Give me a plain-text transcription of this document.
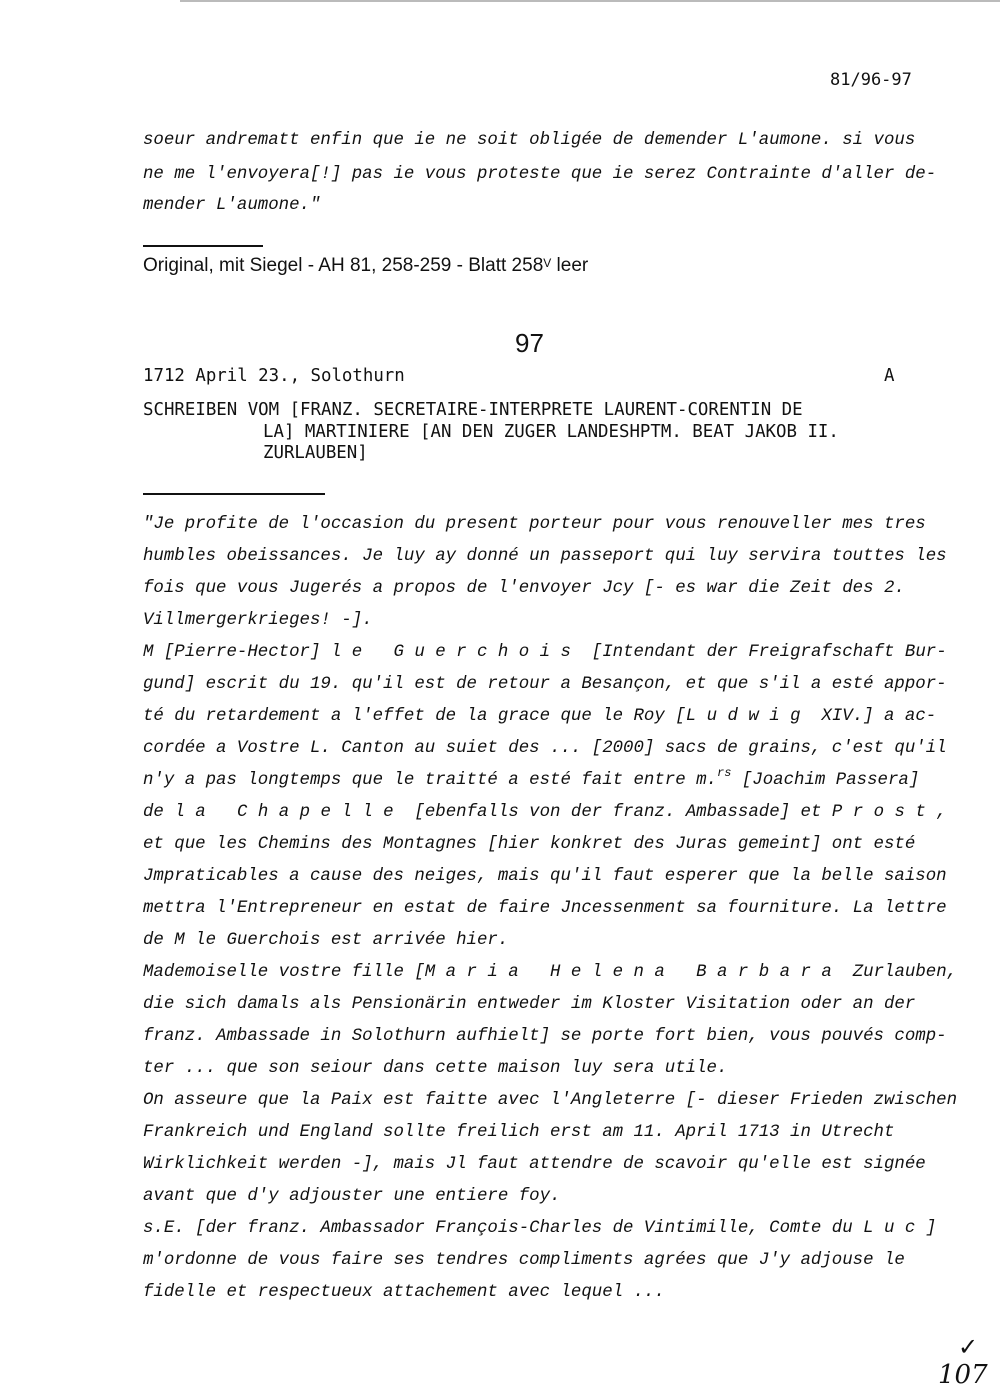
81/96-97

soeur andrematt enfin que ie ne soit obligée de demender L'aumone. si vous

ne me l'envoyera[!] pas ie vous proteste que ie serez Contrainte d'aller de-

mender L'aumone."

Original, mit Siegel - AH 81, 258-259 - Blatt $258^V$ leer

97
1712 April 23., Solothurn	A
SCHREIBEN VOM [FRANZ. SECRETAIRE-INTERPRETE LAURENT-CORENTIN DE
LA] MARTINIERE [AN DEN ZUGER LANDESHPTM. BEAT JAKOB II.
ZURLAUBEN]

"Je profite de l'occasion du present porteur pour vous renouveller mes tres

humbles obeissances. Je luy ay donné un passeport qui luy servira touttes les

fois que vous Jugerés a propos de l'envoyer Jcy [- es war die Zeit des 2.

Villmergerkrieges! -].

M [Pierre-Hector] le Guerchois [Intendant der Freigrafschaft Bur-

gund] escrit du 19. qu'il est de retour a Besançon, et que s'il a esté appor-

té du retardement a l'effet de la grace que le Roy [Ludwig XIV.] a ac-

cordée a Vostre L. Canton au suiet des ... [2000] sacs de grains, c'est qu'il

n'y a pas longtemps que le traitté a esté fait entre m.$^{rs}$ [Joachim Passera]

de la Chapelle [ebenfalls von der franz. Ambassade] et Prost,

et que les Chemins des Montagnes [hier konkret des Juras gemeint] ont esté

Jmpraticables a cause des neiges, mais qu'il faut esperer que la belle saison

mettra l'Entrepreneur en estat de faire Jncessenment sa fourniture. La lettre

de M le Guerchois est arrivée hier.

Mademoiselle vostre fille [Maria Helena Barbara Zurlauben,

die sich damals als Pensionärin entweder im Kloster Visitation oder an der

franz. Ambassade in Solothurn aufhielt] se porte fort bien, vous pouvés comp-

ter ... que son seiour dans cette maison luy sera utile.

On asseure que la Paix est faitte avec l'Angleterre [- dieser Frieden zwischen

Frankreich und England sollte freilich erst am 11. April 1713 in Utrecht

Wirklichkeit werden -], mais Jl faut attendre de scavoir qu'elle est signée

avant que d'y adjouster une entiere foy.

s.E. [der franz. Ambassador François-Charles de Vintimille, Comte du Luc]

m'ordonne de vous faire ses tendres compliments agrées que J'y adjouse le

fidelle et respectueux attachement avec lequel ...

✓
107
